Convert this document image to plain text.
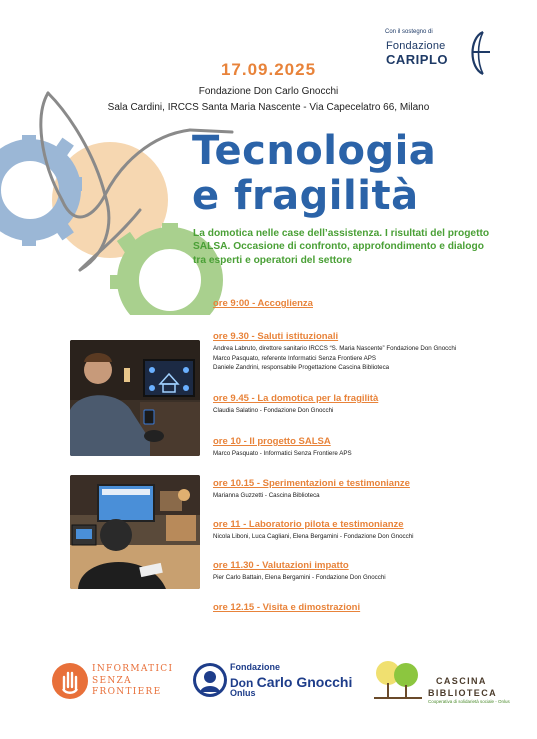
Con il sostegno di
Fondazione
CARIPLO
17.09.2025
Fondazione Don Carlo Gnocchi
Sala Cardini, IRCCS Santa Maria Nascente - Via Capecelatro 66, Milano
Tecnologia
e fragilità
La domotica nelle case dell’assistenza. I risultati del progetto SALSA. Occasione di confronto, approfondimento e dialogo tra esperti e operatori del settore
ore 9:00 - Accoglienza
ore 9.30 - Saluti istituzionali
Andrea Labruto, direttore sanitario IRCCS “S. Maria Nascente” Fondazione Don Gnocchi
Marco Pasquato, referente Informatici Senza Frontiere APS
Daniele Zandrini, responsabile Progettazione Cascina Biblioteca
ore 9.45 - La domotica per la fragilità
Claudia Salatino - Fondazione Don Gnocchi
ore 10 - Il progetto SALSA
Marco Pasquato - Informatici Senza Frontiere APS
ore 10.15 - Sperimentazioni e testimonianze
Marianna Guzzetti - Cascina Biblioteca
ore 11 - Laboratorio pilota e testimonianze
Nicola Liboni, Luca Cagliani, Elena Bergamini - Fondazione Don Gnocchi
ore 11.30 - Valutazioni impatto
Pier Carlo Battain, Elena Bergamini - Fondazione Don Gnocchi
ore 12.15 - Visita e dimostrazioni
INFORMATICI
SENZA
FRONTIERE
Fondazione
Don Carlo Gnocchi
Onlus
CASCINA
BIBLIOTECA
Cooperativa di solidarietà sociale - Onlus
